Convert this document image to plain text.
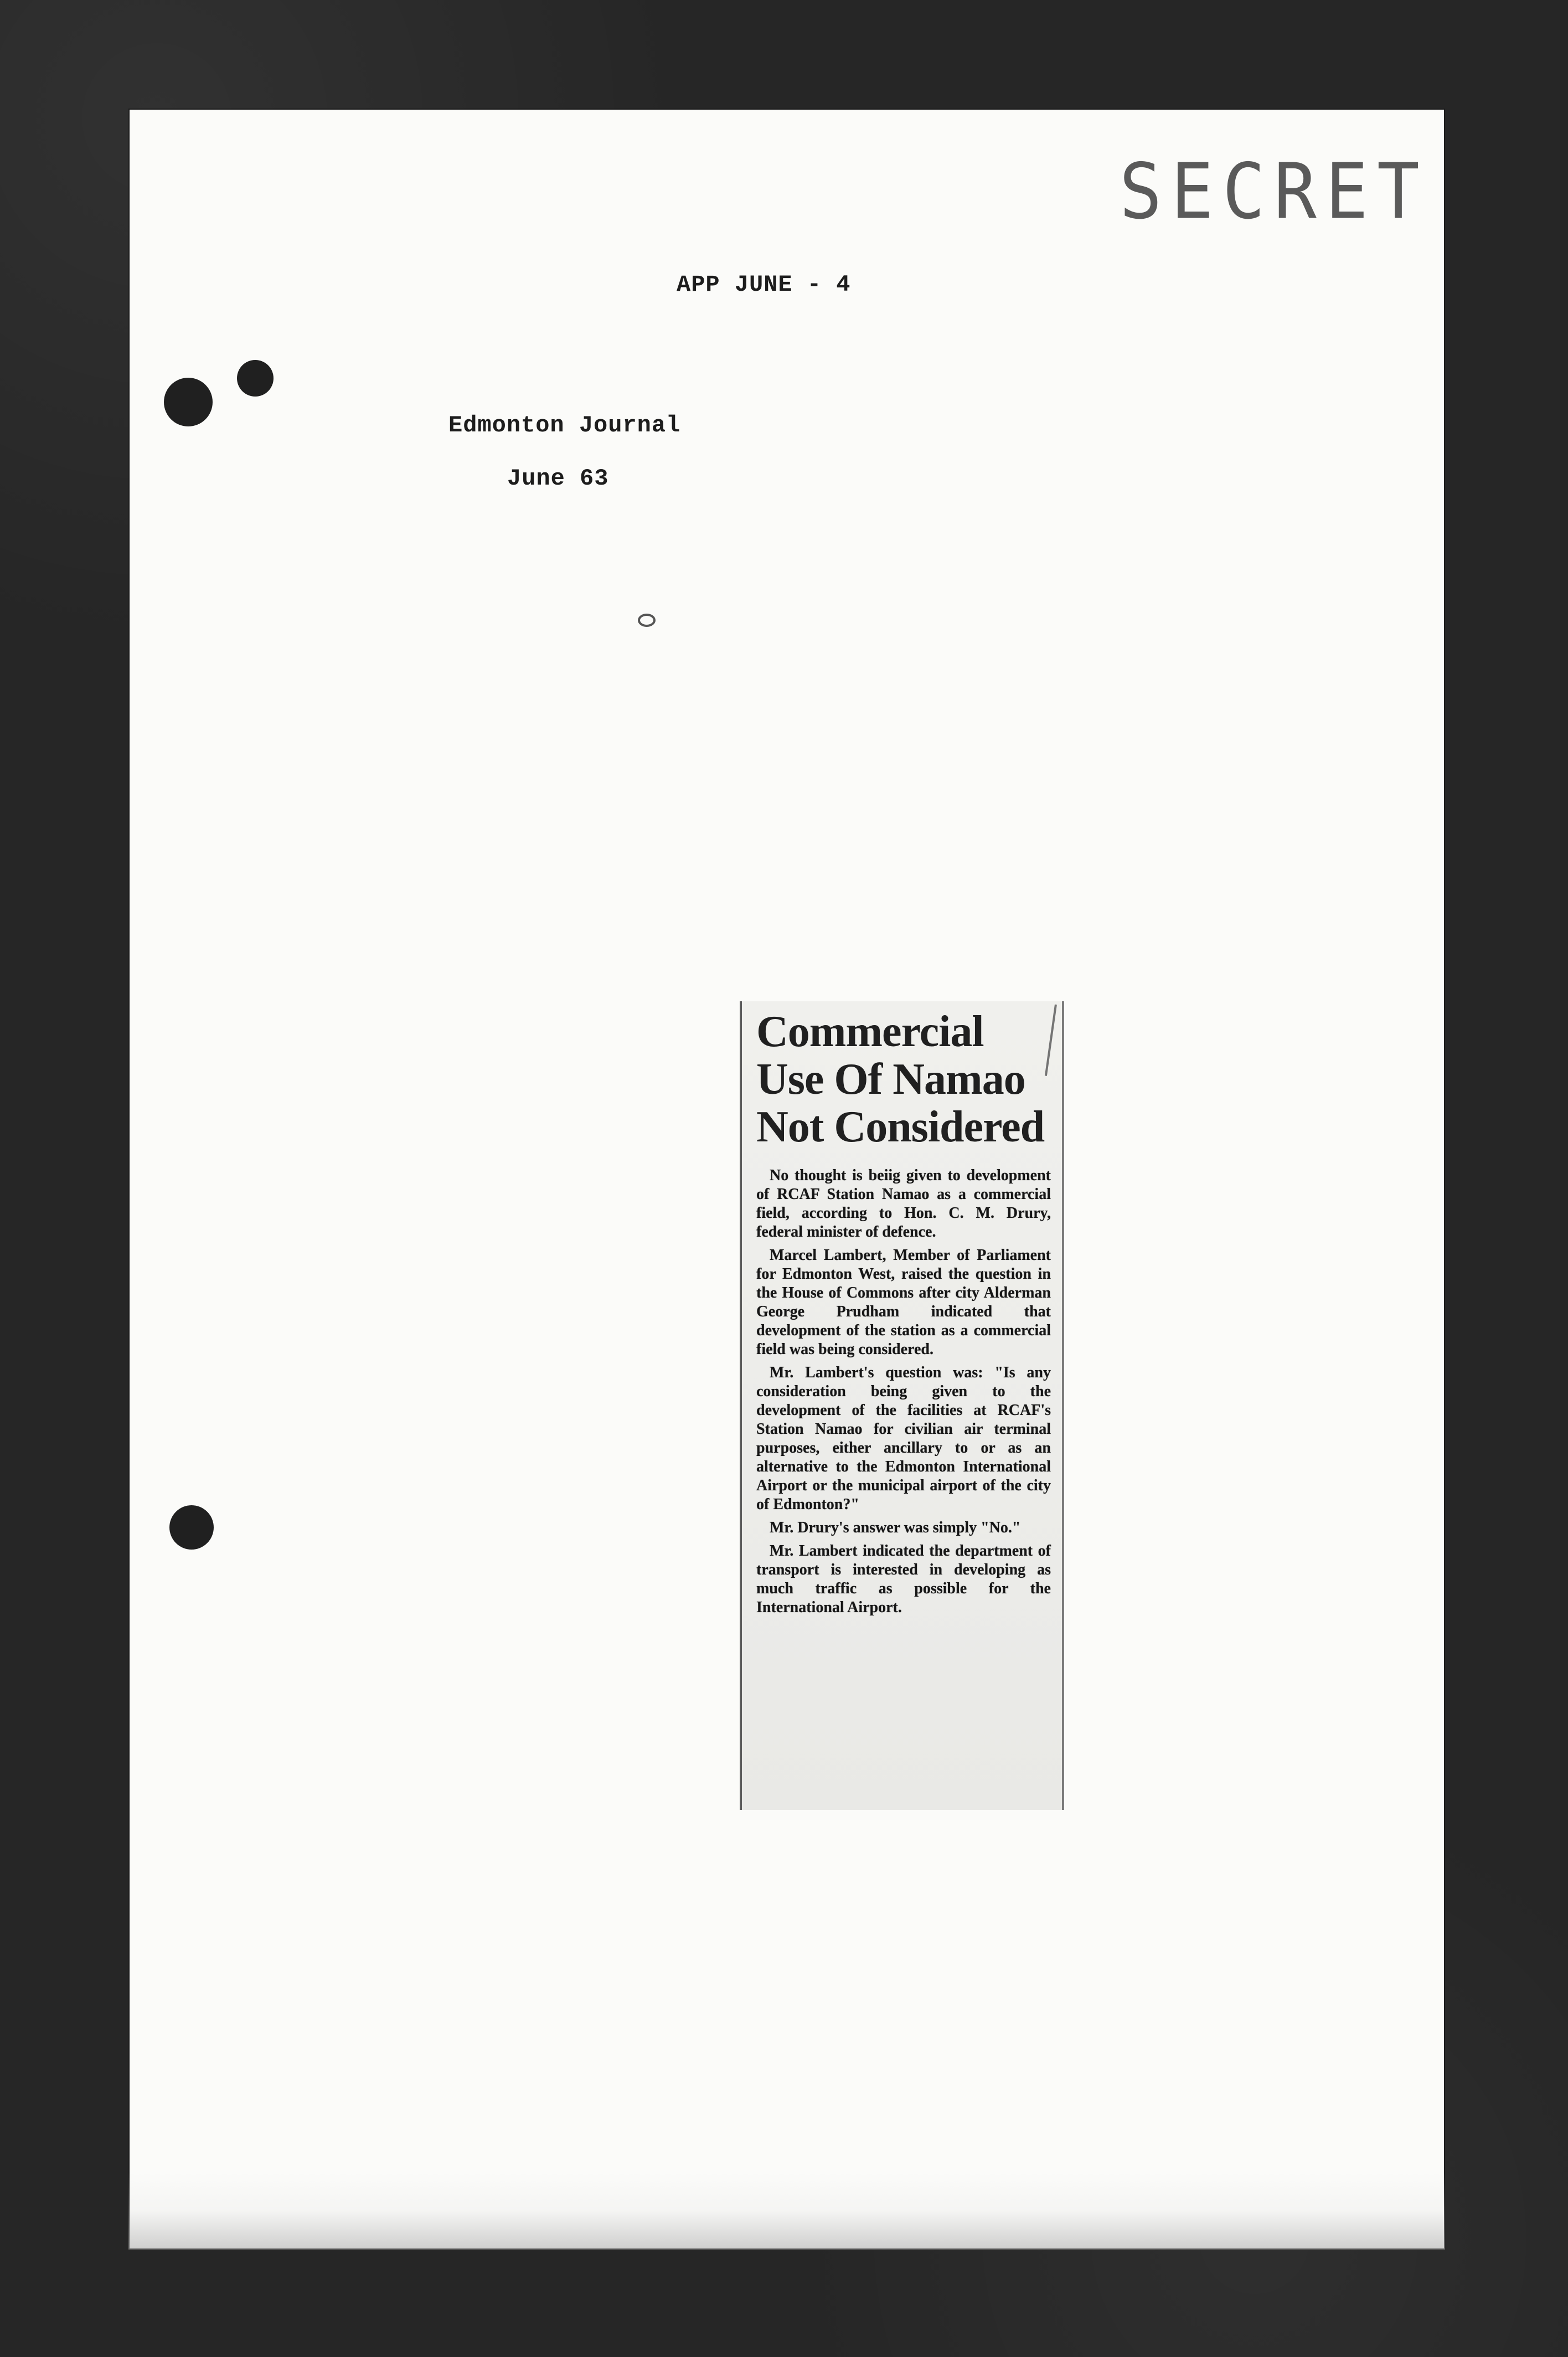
SECRET
APP JUNE - 4
Edmonton Journal
June 63
Commercial
Use Of Namao
Not Considered

No thought is beiig given to development of RCAF Station Namao as a commercial field, according to Hon. C. M. Drury, federal minister of defence.

Marcel Lambert, Member of Parliament for Edmonton West, raised the question in the House of Commons after city Alderman George Prudham indicated that development of the station as a commercial field was being considered.

Mr. Lambert's question was: "Is any consideration being given to the development of the facilities at RCAF's Station Namao for civilian air terminal purposes, either ancillary to or as an alternative to the Edmonton International Airport or the municipal airport of the city of Edmonton?"

Mr. Drury's answer was simply "No."

Mr. Lambert indicated the department of transport is interested in developing as much traffic as possible for the International Airport.
